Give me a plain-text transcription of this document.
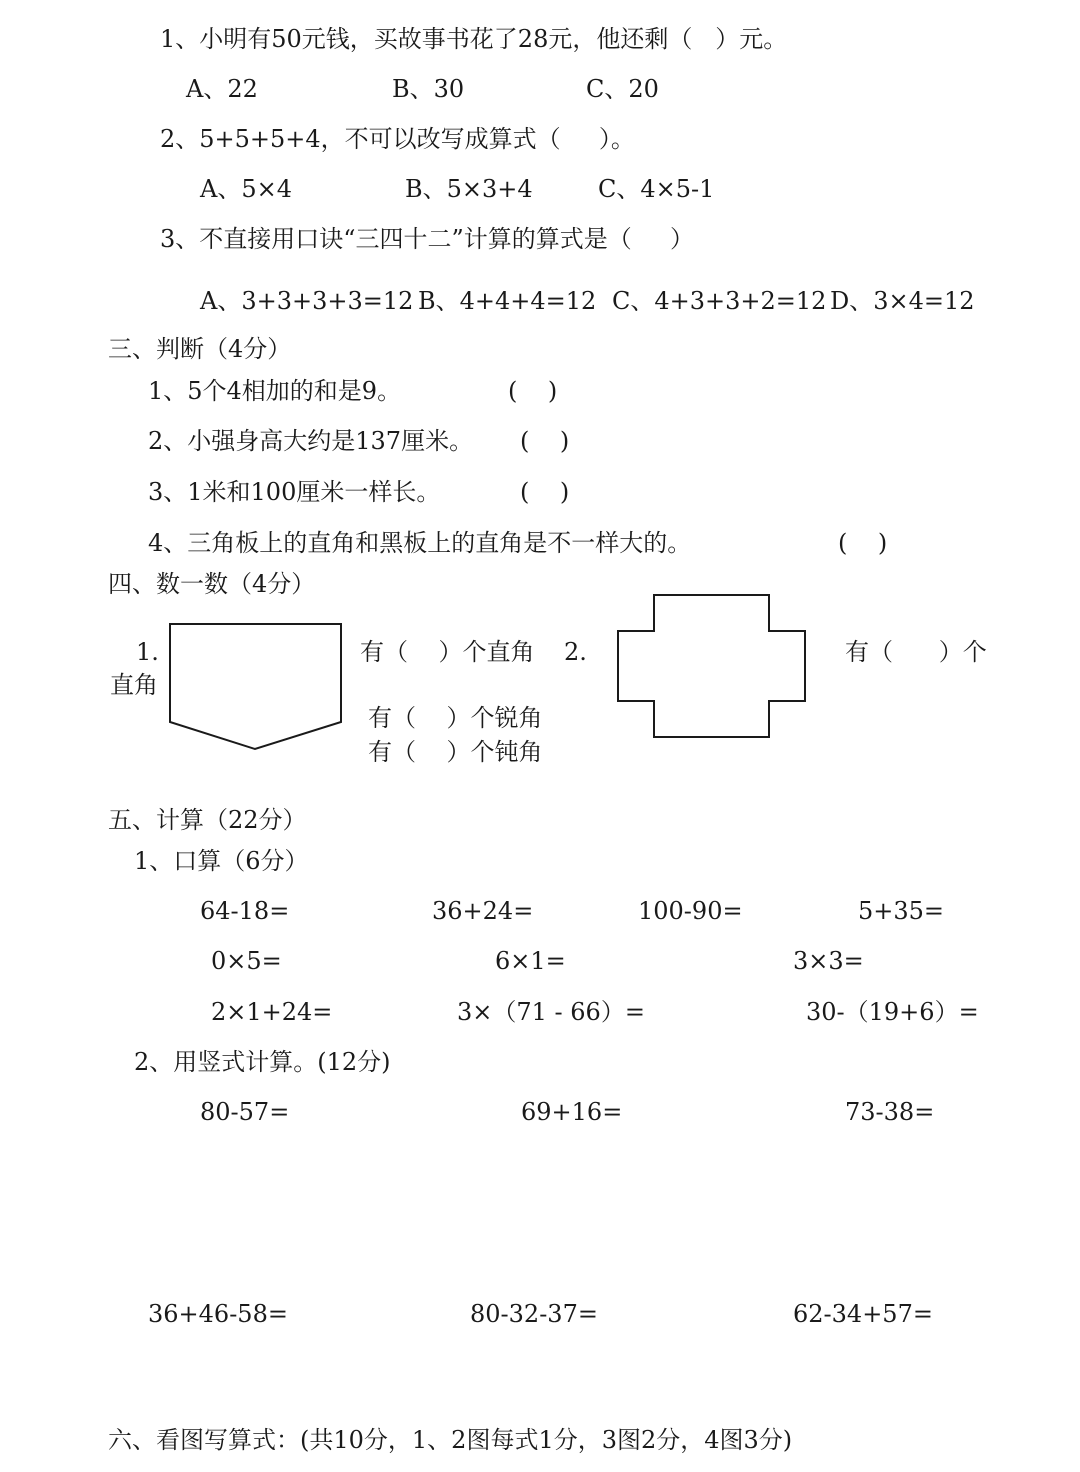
1、小明有50元钱，买故事书花了28元，他还剩（   ）元。
A、22	B、30	C、20
2、5+5+5+4，不可以改写成算式（     ）。
A、5×4	B、5×3+4	C、4×5-1
3、不直接用口诀“三四十二”计算的算式是（     ）
A、3+3+3+3=12 B、4+4+4=12 C、4+3+3+2=12 D、3×4=12
三、判断（4分）
1、5个4相加的和是9。	(    )
2、小强身高大约是137厘米。 (    )
3、1米和100厘米一样长。	(    )
4、三角板上的直角和黑板上的直角是不一样大的。	(    )
四、数一数（4分）
1.
直角
有（    ）个直角 2.
有（    ）个锐角
有（    ）个钝角
有（      ）个
五、计算（22分）
1、口算（6分）
64-18=	36+24=	100-90=	5+35=
0×5=	6×1=	3×3=
2×1+24=	3×（71 - 66）=	30-（19+6）=
2、用竖式计算。(12分)
80-57=	69+16=	73-38=
36+46-58=	80-32-37=	62-34+57=
六、看图写算式：(共10分，1、2图每式1分，3图2分，4图3分)
